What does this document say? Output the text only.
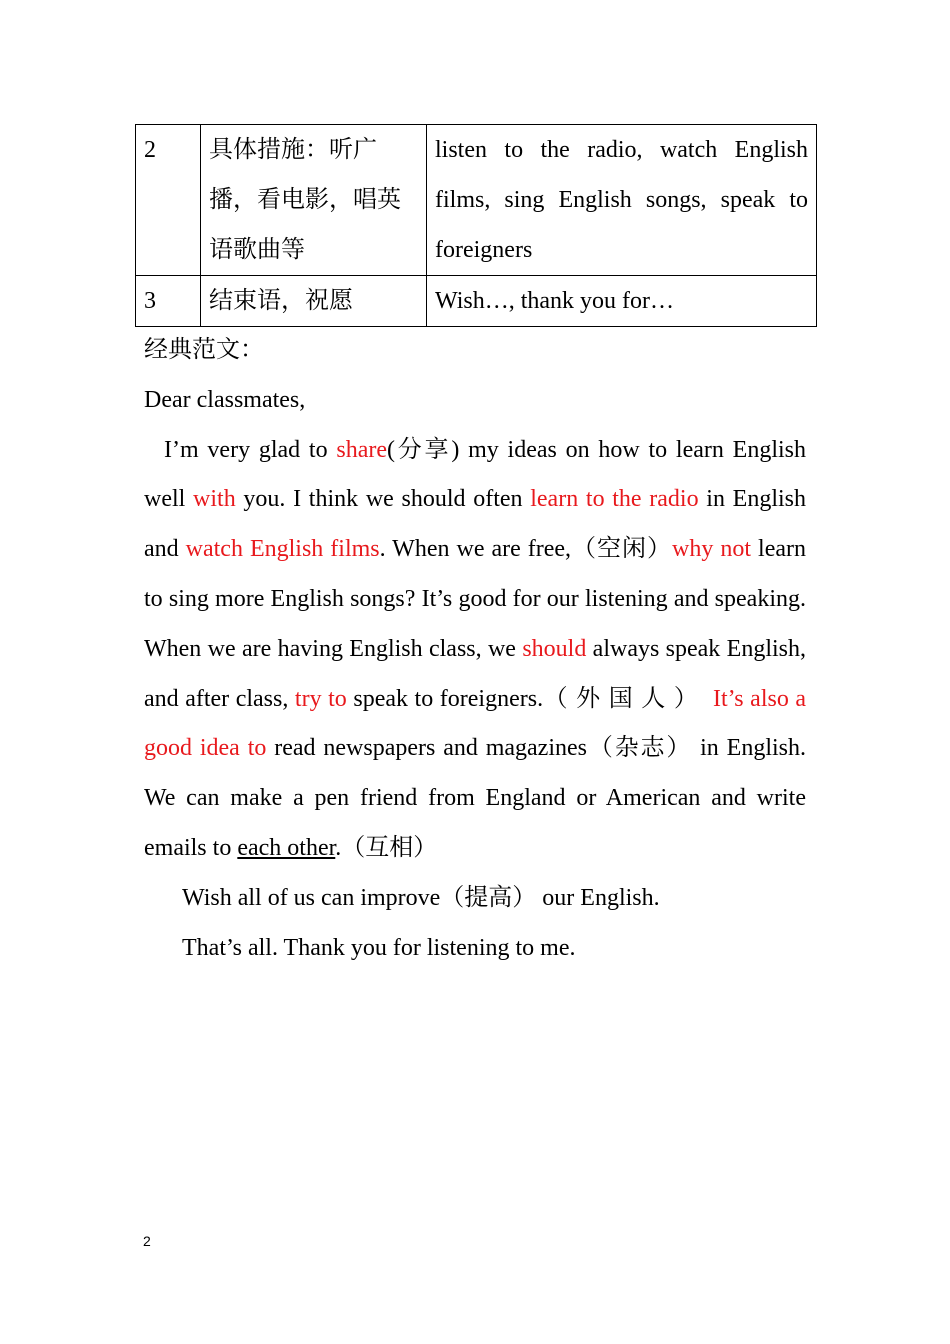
2	具体措施：听广播，看电影，唱英语歌曲等	listen to the radio, watch English films, sing English songs, speak to foreigners
3	结束语，祝愿	Wish…, thank you for…

经典范文：

Dear classmates,

I’m very glad to share(分享) my ideas on how to learn English well with you. I think we should often learn to the radio in English and watch English films. When we are free,（空闲）why not learn to sing more English songs? It’s good for our listening and speaking. When we are having English class, we should always speak English, and after class, try to speak to foreigners.（外国人） It’s also a good idea to read newspapers and magazines（杂志） in English. We can make a pen friend from England or American and write emails to each other.（互相）

Wish all of us can improve（提高） our English.

That’s all. Thank you for listening to me.

2
